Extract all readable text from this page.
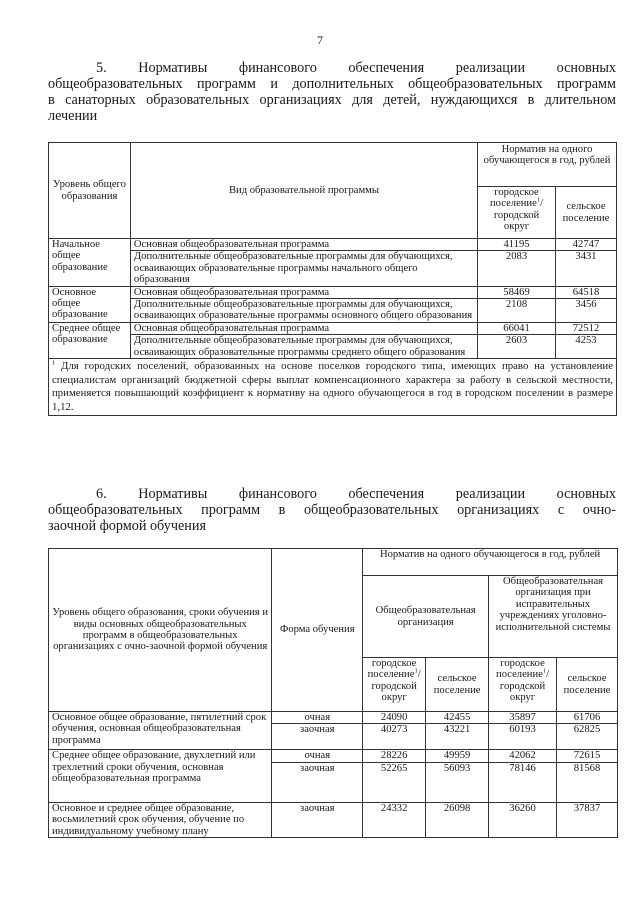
7
5. Нормативы финансового обеспечения реализации основных
общеобразовательных программ и дополнительных общеобразовательных программ
в санаторных образовательных организациях для детей, нуждающихся в длительном
лечении
Уровень общего образования	Вид образовательной программы	Норматив на одного обучающегося в год, рублей	
		городское поселение$^1$/ городской округ	сельское поселение
Начальное общее образование	Основная общеобразовательная программа	41195	42747
	Дополнительные общеобразовательные программы для обучающихся, осваивающих образовательные программы начального общего образования	2083	3431
Основное общее образование	Основная общеобразовательная программа	58469	64518
	Дополнительные общеобразовательные программы для обучающихся, осваивающих образовательные программы основного общего образования	2108	3456
Среднее общее образование	Основная общеобразовательная программа	66041	72512
	Дополнительные общеобразовательные программы для обучающихся, осваивающих образовательные программы среднего общего образования	2603	4253
$^1$ Для городских поселений, образованных на основе поселков городского типа, имеющих право на установление специалистам организаций бюджетной сферы выплат компенсационного характера за работу в сельской местности, применяется повышающий коэффициент к нормативу на одного обучающегося в год в городском поселении в размере 1,12.			
6. Нормативы финансового обеспечения реализации основных
общеобразовательных программ в общеобразовательных организациях с очно-
заочной формой обучения
Уровень общего образования, сроки обучения и виды основных общеобразовательных программ в общеобразовательных организациях с очно-заочной формой обучения	Форма обучения	Норматив на одного обучающегося в год, рублей			
		Общеобразовательная организация		Общеобразовательная организация при исправительных учреждениях уголовно-исполнительной системы	
		городское поселение$^1$/ городской округ	сельское поселение	городское поселение$^1$/ городской округ	сельское поселение
Основное общее образование, пятилетний срок обучения, основная общеобразовательная программа	очная	24090	42455	35897	61706
	заочная	40273	43221	60193	62825
Среднее общее образование, двухлетний или трехлетний сроки обучения, основная общеобразовательная программа	очная	28226	49959	42062	72615
	заочная	52265	56093	78146	81568
Основное и среднее общее образование, восьмилетний срок обучения, обучение по индивидуальному учебному плану	заочная	24332	26098	36260	37837
